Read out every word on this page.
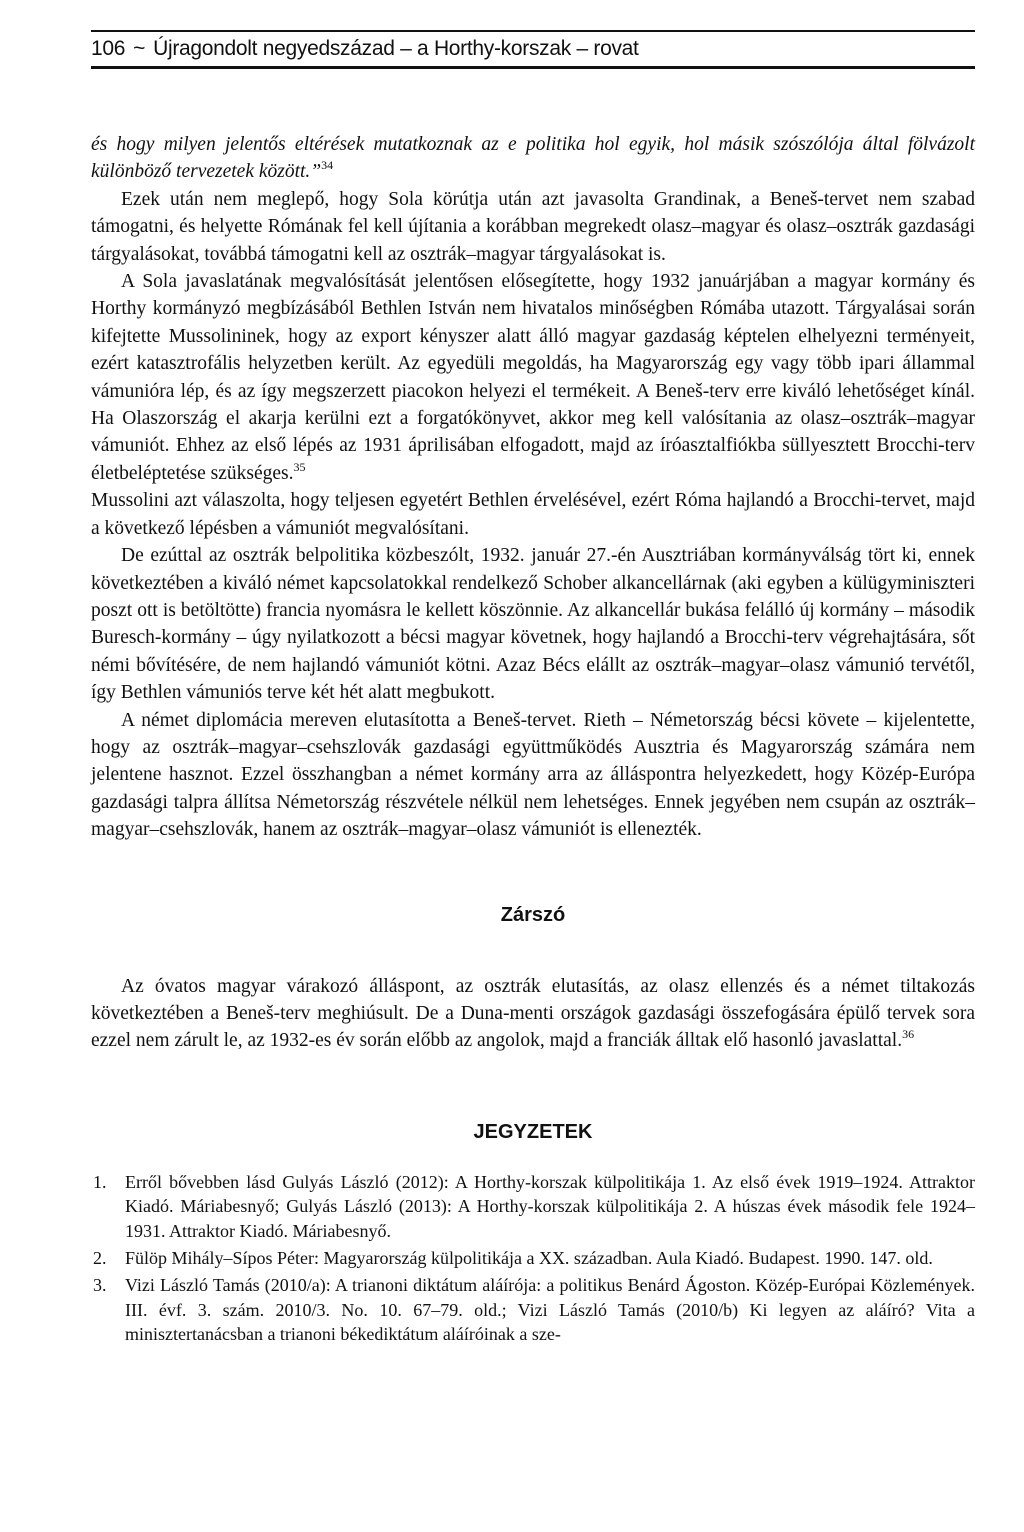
106 ~ Újragondolt negyedszázad – a Horthy-korszak – rovat

és hogy milyen jelentős eltérések mutatkoznak az e politika hol egyik, hol másik szószólója által fölvázolt különböző tervezetek között.”$^{34}$

Ezek után nem meglepő, hogy Sola körútja után azt javasolta Grandinak, a Beneš-tervet nem szabad támogatni, és helyette Rómának fel kell újítania a korábban megrekedt olasz–magyar és olasz–osztrák gazdasági tárgyalásokat, továbbá támogatni kell az osztrák–magyar tárgyalásokat is.

A Sola javaslatának megvalósítását jelentősen elősegítette, hogy 1932 januárjában a magyar kormány és Horthy kormányzó megbízásából Bethlen István nem hivatalos minőségben Rómába utazott. Tárgyalásai során kifejtette Mussolininek, hogy az export kényszer alatt álló magyar gazdaság képtelen elhelyezni terményeit, ezért katasztrofális helyzetben került. Az egyedüli megoldás, ha Magyarország egy vagy több ipari állammal vámunióra lép, és az így megszerzett piacokon helyezi el termékeit. A Beneš-terv erre kiváló lehetőséget kínál. Ha Olaszország el akarja kerülni ezt a forgatókönyvet, akkor meg kell valósítania az olasz–osztrák–magyar vámuniót. Ehhez az első lépés az 1931 áprilisában elfogadott, majd az íróasztalfiókba süllyesztett Brocchi-terv életbeléptetése szükséges.$^{35}$

Mussolini azt válaszolta, hogy teljesen egyetért Bethlen érvelésével, ezért Róma hajlandó a Brocchi-tervet, majd a következő lépésben a vámuniót megvalósítani.

De ezúttal az osztrák belpolitika közbeszólt, 1932. január 27.-én Ausztriában kormányválság tört ki, ennek következtében a kiváló német kapcsolatokkal rendelkező Schober alkancellárnak (aki egyben a külügyminiszteri poszt ott is betöltötte) francia nyomásra le kellett köszönnie. Az alkancellár bukása felálló új kormány – második Buresch-kormány – úgy nyilatkozott a bécsi magyar követnek, hogy hajlandó a Brocchi-terv végrehajtására, sőt némi bővítésére, de nem hajlandó vámuniót kötni. Azaz Bécs elállt az osztrák–magyar–olasz vámunió tervétől, így Bethlen vámuniós terve két hét alatt megbukott.

A német diplomácia mereven elutasította a Beneš-tervet. Rieth – Németország bécsi követe – kijelentette, hogy az osztrák–magyar–csehszlovák gazdasági együttműködés Ausztria és Magyarország számára nem jelentene hasznot. Ezzel összhangban a német kormány arra az álláspontra helyezkedett, hogy Közép-Európa gazdasági talpra állítsa Németország részvétele nélkül nem lehetséges. Ennek jegyében nem csupán az osztrák–magyar–csehszlovák, hanem az osztrák–magyar–olasz vámuniót is ellenezték.

Zárszó

Az óvatos magyar várakozó álláspont, az osztrák elutasítás, az olasz ellenzés és a német tiltakozás következtében a Beneš-terv meghiúsult. De a Duna-menti országok gazdasági összefogására épülő tervek sora ezzel nem zárult le, az 1932-es év során előbb az angolok, majd a franciák álltak elő hasonló javaslattal.$^{36}$

JEGYZETEK
1.	Erről bővebben lásd Gulyás László (2012): A Horthy-korszak külpolitikája 1. Az első évek 1919–1924. Attraktor Kiadó. Máriabesnyő; Gulyás László (2013): A Horthy-korszak külpolitikája 2. A húszas évek második fele 1924–1931. Attraktor Kiadó. Máriabesnyő.
2.	Fülöp Mihály–Sípos Péter: Magyarország külpolitikája a XX. században. Aula Kiadó. Budapest. 1990. 147. old.
3.	Vizi László Tamás (2010/a): A trianoni diktátum aláírója: a politikus Benárd Ágoston. Közép-Európai Közlemények. III. évf. 3. szám. 2010/3. No. 10. 67–79. old.; Vizi László Tamás (2010/b) Ki legyen az aláíró? Vita a minisztertanácsban a trianoni békediktátum aláíróinak a sze-
